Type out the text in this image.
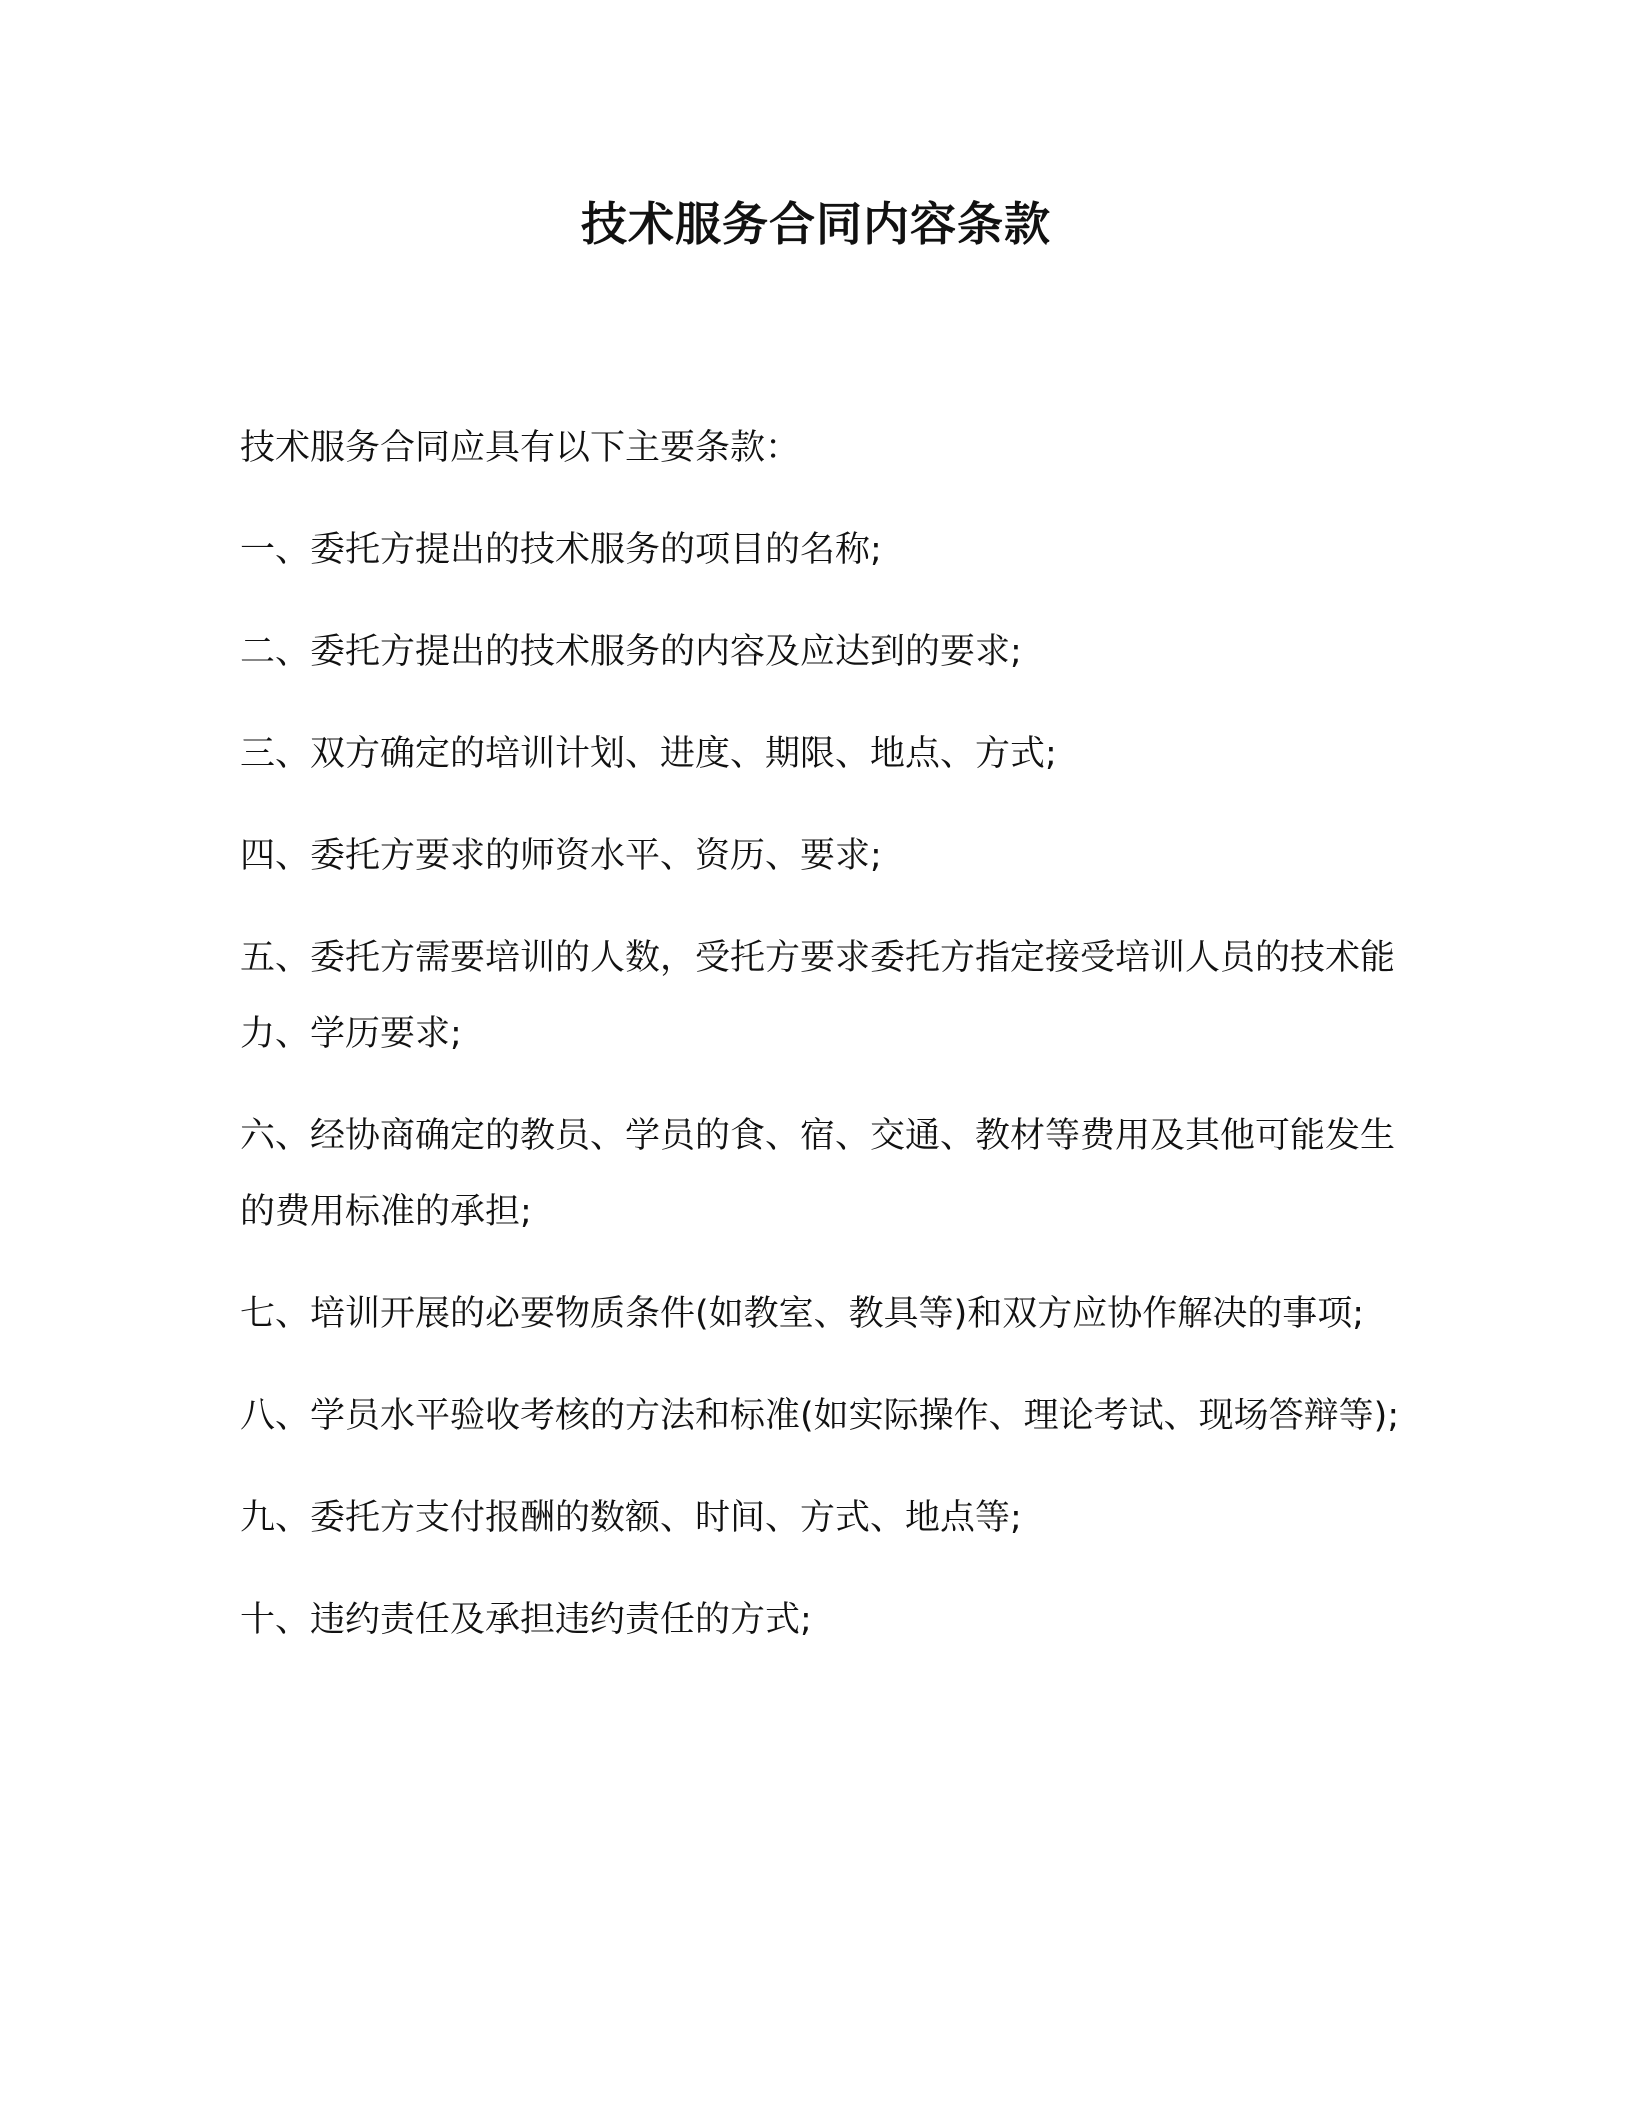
技术服务合同内容条款

技术服务合同应具有以下主要条款：

一、委托方提出的技术服务的项目的名称;

二、委托方提出的技术服务的内容及应达到的要求;

三、双方确定的培训计划、进度、期限、地点、方式;

四、委托方要求的师资水平、资历、要求;

五、委托方需要培训的人数，受托方要求委托方指定接受培训人员的技术能力、学历要求;

六、经协商确定的教员、学员的食、宿、交通、教材等费用及其他可能发生的费用标准的承担;

七、培训开展的必要物质条件(如教室、教具等)和双方应协作解决的事项;

八、学员水平验收考核的方法和标准(如实际操作、理论考试、现场答辩等);

九、委托方支付报酬的数额、时间、方式、地点等;

十、违约责任及承担违约责任的方式;
